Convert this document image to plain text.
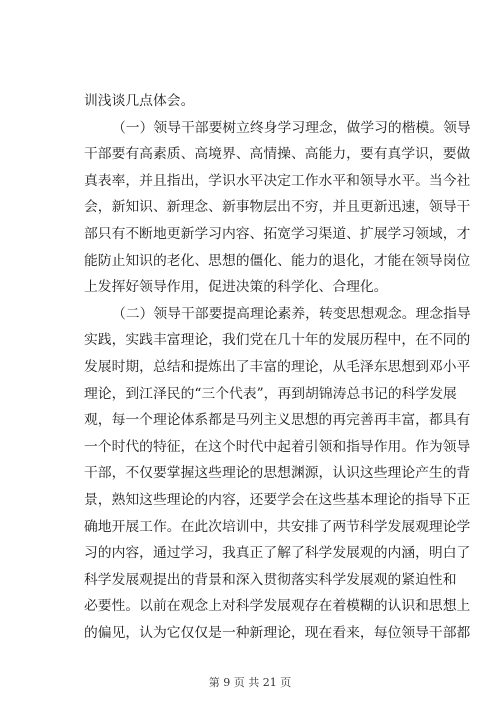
训浅谈几点体会。
（一）领导干部要树立终身学习理念，做学习的楷模。领导
干部要有高素质、高境界、高情操、高能力，要有真学识，要做
真表率，并且指出，学识水平决定工作水平和领导水平。当今社
会，新知识、新理念、新事物层出不穷，并且更新迅速，领导干
部只有不断地更新学习内容、拓宽学习渠道、扩展学习领域，才
能防止知识的老化、思想的僵化、能力的退化，才能在领导岗位
上发挥好领导作用，促进决策的科学化、合理化。
（二）领导干部要提高理论素养，转变思想观念。理念指导
实践，实践丰富理论，我们党在几十年的发展历程中，在不同的
发展时期，总结和提炼出了丰富的理论，从毛泽东思想到邓小平
理论，到江泽民的“三个代表”，再到胡锦涛总书记的科学发展
观，每一个理论体系都是马列主义思想的再完善再丰富，都具有
一个时代的特征，在这个时代中起着引领和指导作用。作为领导
干部，不仅要掌握这些理论的思想渊源，认识这些理论产生的背
景，熟知这些理论的内容，还要学会在这些基本理论的指导下正
确地开展工作。在此次培训中，共安排了两节科学发展观理论学
习的内容，通过学习，我真正了解了科学发展观的内涵，明白了
科学发展观提出的背景和深入贯彻落实科学发展观的紧迫性和
必要性。以前在观念上对科学发展观存在着模糊的认识和思想上
的偏见，认为它仅仅是一种新理论，现在看来，每位领导干部都
第 9 页 共 21 页
